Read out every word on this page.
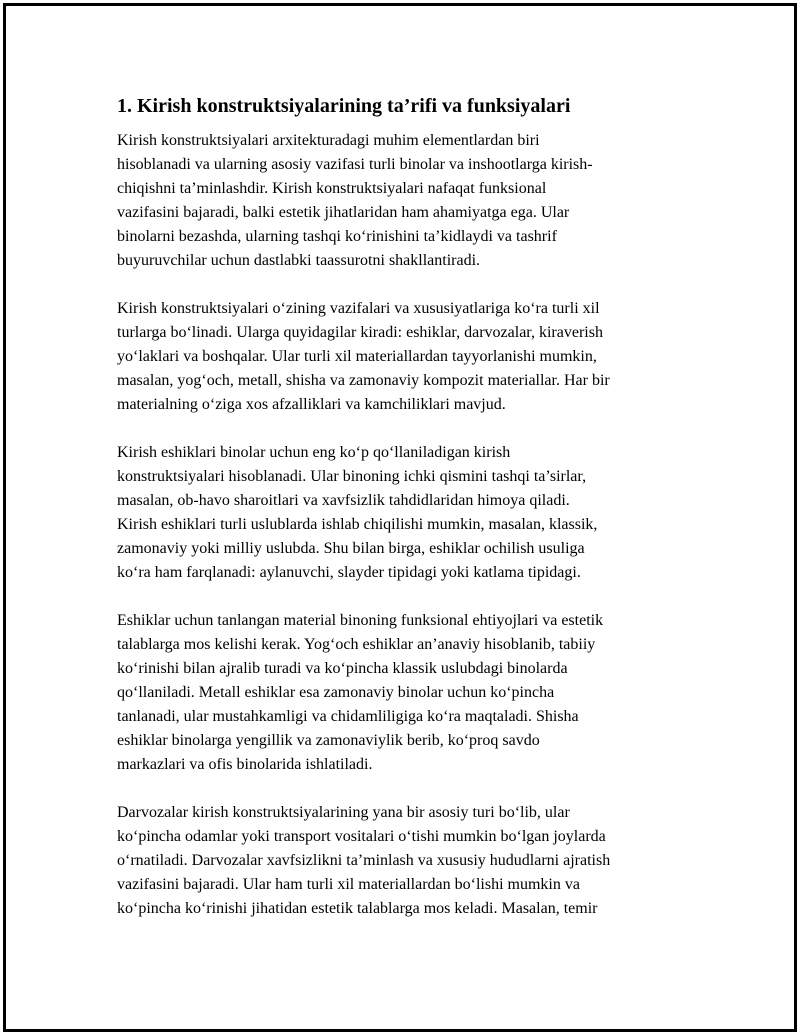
1. Kirish konstruktsiyalarining ta’rifi va funksiyalari

Kirish konstruktsiyalari arxitekturadagi muhim elementlardan biri
hisoblanadi va ularning asosiy vazifasi turli binolar va inshootlarga kirish-
chiqishni ta’minlashdir. Kirish konstruktsiyalari nafaqat funksional
vazifasini bajaradi, balki estetik jihatlaridan ham ahamiyatga ega. Ular
binolarni bezashda, ularning tashqi ko‘rinishini ta’kidlaydi va tashrif
buyuruvchilar uchun dastlabki taassurotni shakllantiradi.

Kirish konstruktsiyalari o‘zining vazifalari va xususiyatlariga ko‘ra turli xil
turlarga bo‘linadi. Ularga quyidagilar kiradi: eshiklar, darvozalar, kiraverish
yo‘laklari va boshqalar. Ular turli xil materiallardan tayyorlanishi mumkin,
masalan, yog‘och, metall, shisha va zamonaviy kompozit materiallar. Har bir
materialning o‘ziga xos afzalliklari va kamchiliklari mavjud.

Kirish eshiklari binolar uchun eng ko‘p qo‘llaniladigan kirish
konstruktsiyalari hisoblanadi. Ular binoning ichki qismini tashqi ta’sirlar,
masalan, ob-havo sharoitlari va xavfsizlik tahdidlaridan himoya qiladi.
Kirish eshiklari turli uslublarda ishlab chiqilishi mumkin, masalan, klassik,
zamonaviy yoki milliy uslubda. Shu bilan birga, eshiklar ochilish usuliga
ko‘ra ham farqlanadi: aylanuvchi, slayder tipidagi yoki katlama tipidagi.

Eshiklar uchun tanlangan material binoning funksional ehtiyojlari va estetik
talablarga mos kelishi kerak. Yog‘och eshiklar an’anaviy hisoblanib, tabiiy
ko‘rinishi bilan ajralib turadi va ko‘pincha klassik uslubdagi binolarda
qo‘llaniladi. Metall eshiklar esa zamonaviy binolar uchun ko‘pincha
tanlanadi, ular mustahkamligi va chidamliligiga ko‘ra maqtaladi. Shisha
eshiklar binolarga yengillik va zamonaviylik berib, ko‘proq savdo
markazlari va ofis binolarida ishlatiladi.

Darvozalar kirish konstruktsiyalarining yana bir asosiy turi bo‘lib, ular
ko‘pincha odamlar yoki transport vositalari o‘tishi mumkin bo‘lgan joylarda
o‘rnatiladi. Darvozalar xavfsizlikni ta’minlash va xususiy hududlarni ajratish
vazifasini bajaradi. Ular ham turli xil materiallardan bo‘lishi mumkin va
ko‘pincha ko‘rinishi jihatidan estetik talablarga mos keladi. Masalan, temir
